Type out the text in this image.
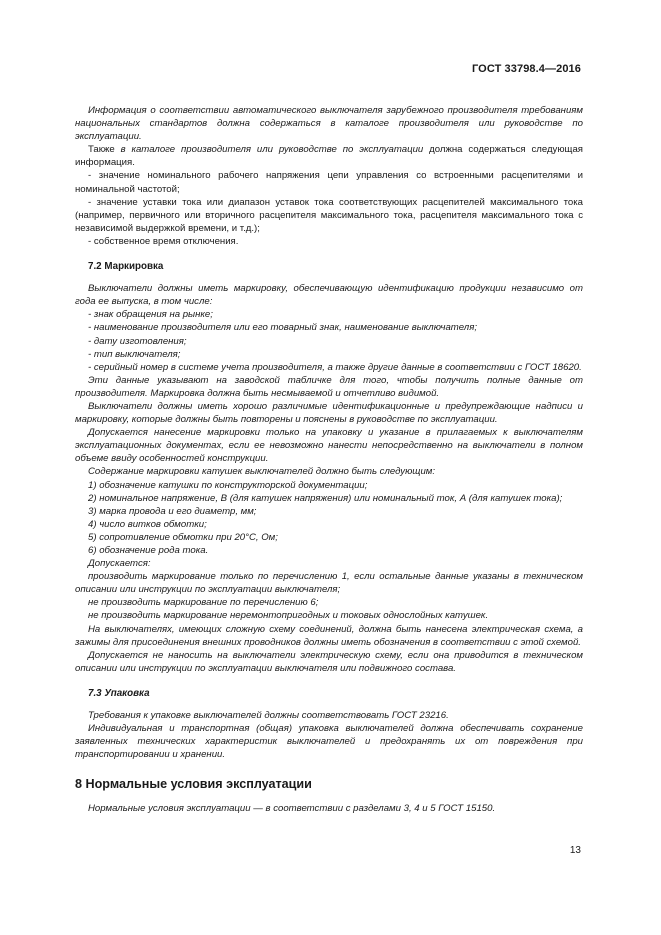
ГОСТ 33798.4—2016

Информация о соответствии автоматического выключателя зарубежного производителя требованиям национальных стандартов должна содержаться в каталоге производителя или руководстве по эксплуатации.

Также в каталоге производителя или руководстве по эксплуатации должна содержаться следующая информация.

- значение номинального рабочего напряжения цепи управления со встроенными расцепителями и номинальной частотой;

- значение уставки тока или диапазон уставок тока соответствующих расцепителей максимального тока (например, первичного или вторичного расцепителя максимального тока, расцепителя максимального тока с независимой выдержкой времени, и т.д.);

- собственное время отключения.

7.2 Маркировка

Выключатели должны иметь маркировку, обеспечивающую идентификацию продукции независимо от года ее выпуска, в том числе:

- знак обращения на рынке;

- наименование производителя или его товарный знак, наименование выключателя;

- дату изготовления;

- тип выключателя;

- серийный номер в системе учета производителя, а также другие данные в соответствии с ГОСТ 18620.

Эти данные указывают на заводской табличке для того, чтобы получить полные данные от производителя. Маркировка должна быть несмываемой и отчетливо видимой.

Выключатели должны иметь хорошо различимые идентификационные и предупреждающие надписи и маркировку, которые должны быть повторены и пояснены в руководстве по эксплуатации.

Допускается нанесение маркировки только на упаковку и указание в прилагаемых к выключателям эксплуатационных документах, если ее невозможно нанести непосредственно на выключатели в полном объеме ввиду особенностей конструкции.

Содержание маркировки катушек выключателей должно быть следующим:

1) обозначение катушки по конструкторской документации;

2) номинальное напряжение, В (для катушек напряжения) или номинальный ток, А (для катушек тока);

3) марка провода и его диаметр, мм;

4) число витков обмотки;

5) сопротивление обмотки при 20°С, Ом;

6) обозначение рода тока.

Допускается:

производить маркирование только по перечислению 1, если остальные данные указаны в техническом описании или инструкции по эксплуатации выключателя;

не производить маркирование по перечислению 6;

не производить маркирование неремонтопригодных и токовых однослойных катушек.

На выключателях, имеющих сложную схему соединений, должна быть нанесена электрическая схема, а зажимы для присоединения внешних проводников должны иметь обозначения в соответствии с этой схемой.

Допускается не наносить на выключатели электрическую схему, если она приводится в техническом описании или инструкции по эксплуатации выключателя или подвижного состава.

7.3 Упаковка

Требования к упаковке выключателей должны соответствовать ГОСТ 23216.

Индивидуальная и транспортная (общая) упаковка выключателей должна обеспечивать сохранение заявленных технических характеристик выключателей и предохранять их от повреждения при транспортировании и хранении.

8 Нормальные условия эксплуатации

Нормальные условия эксплуатации — в соответствии с разделами 3, 4 и 5 ГОСТ 15150.

13
